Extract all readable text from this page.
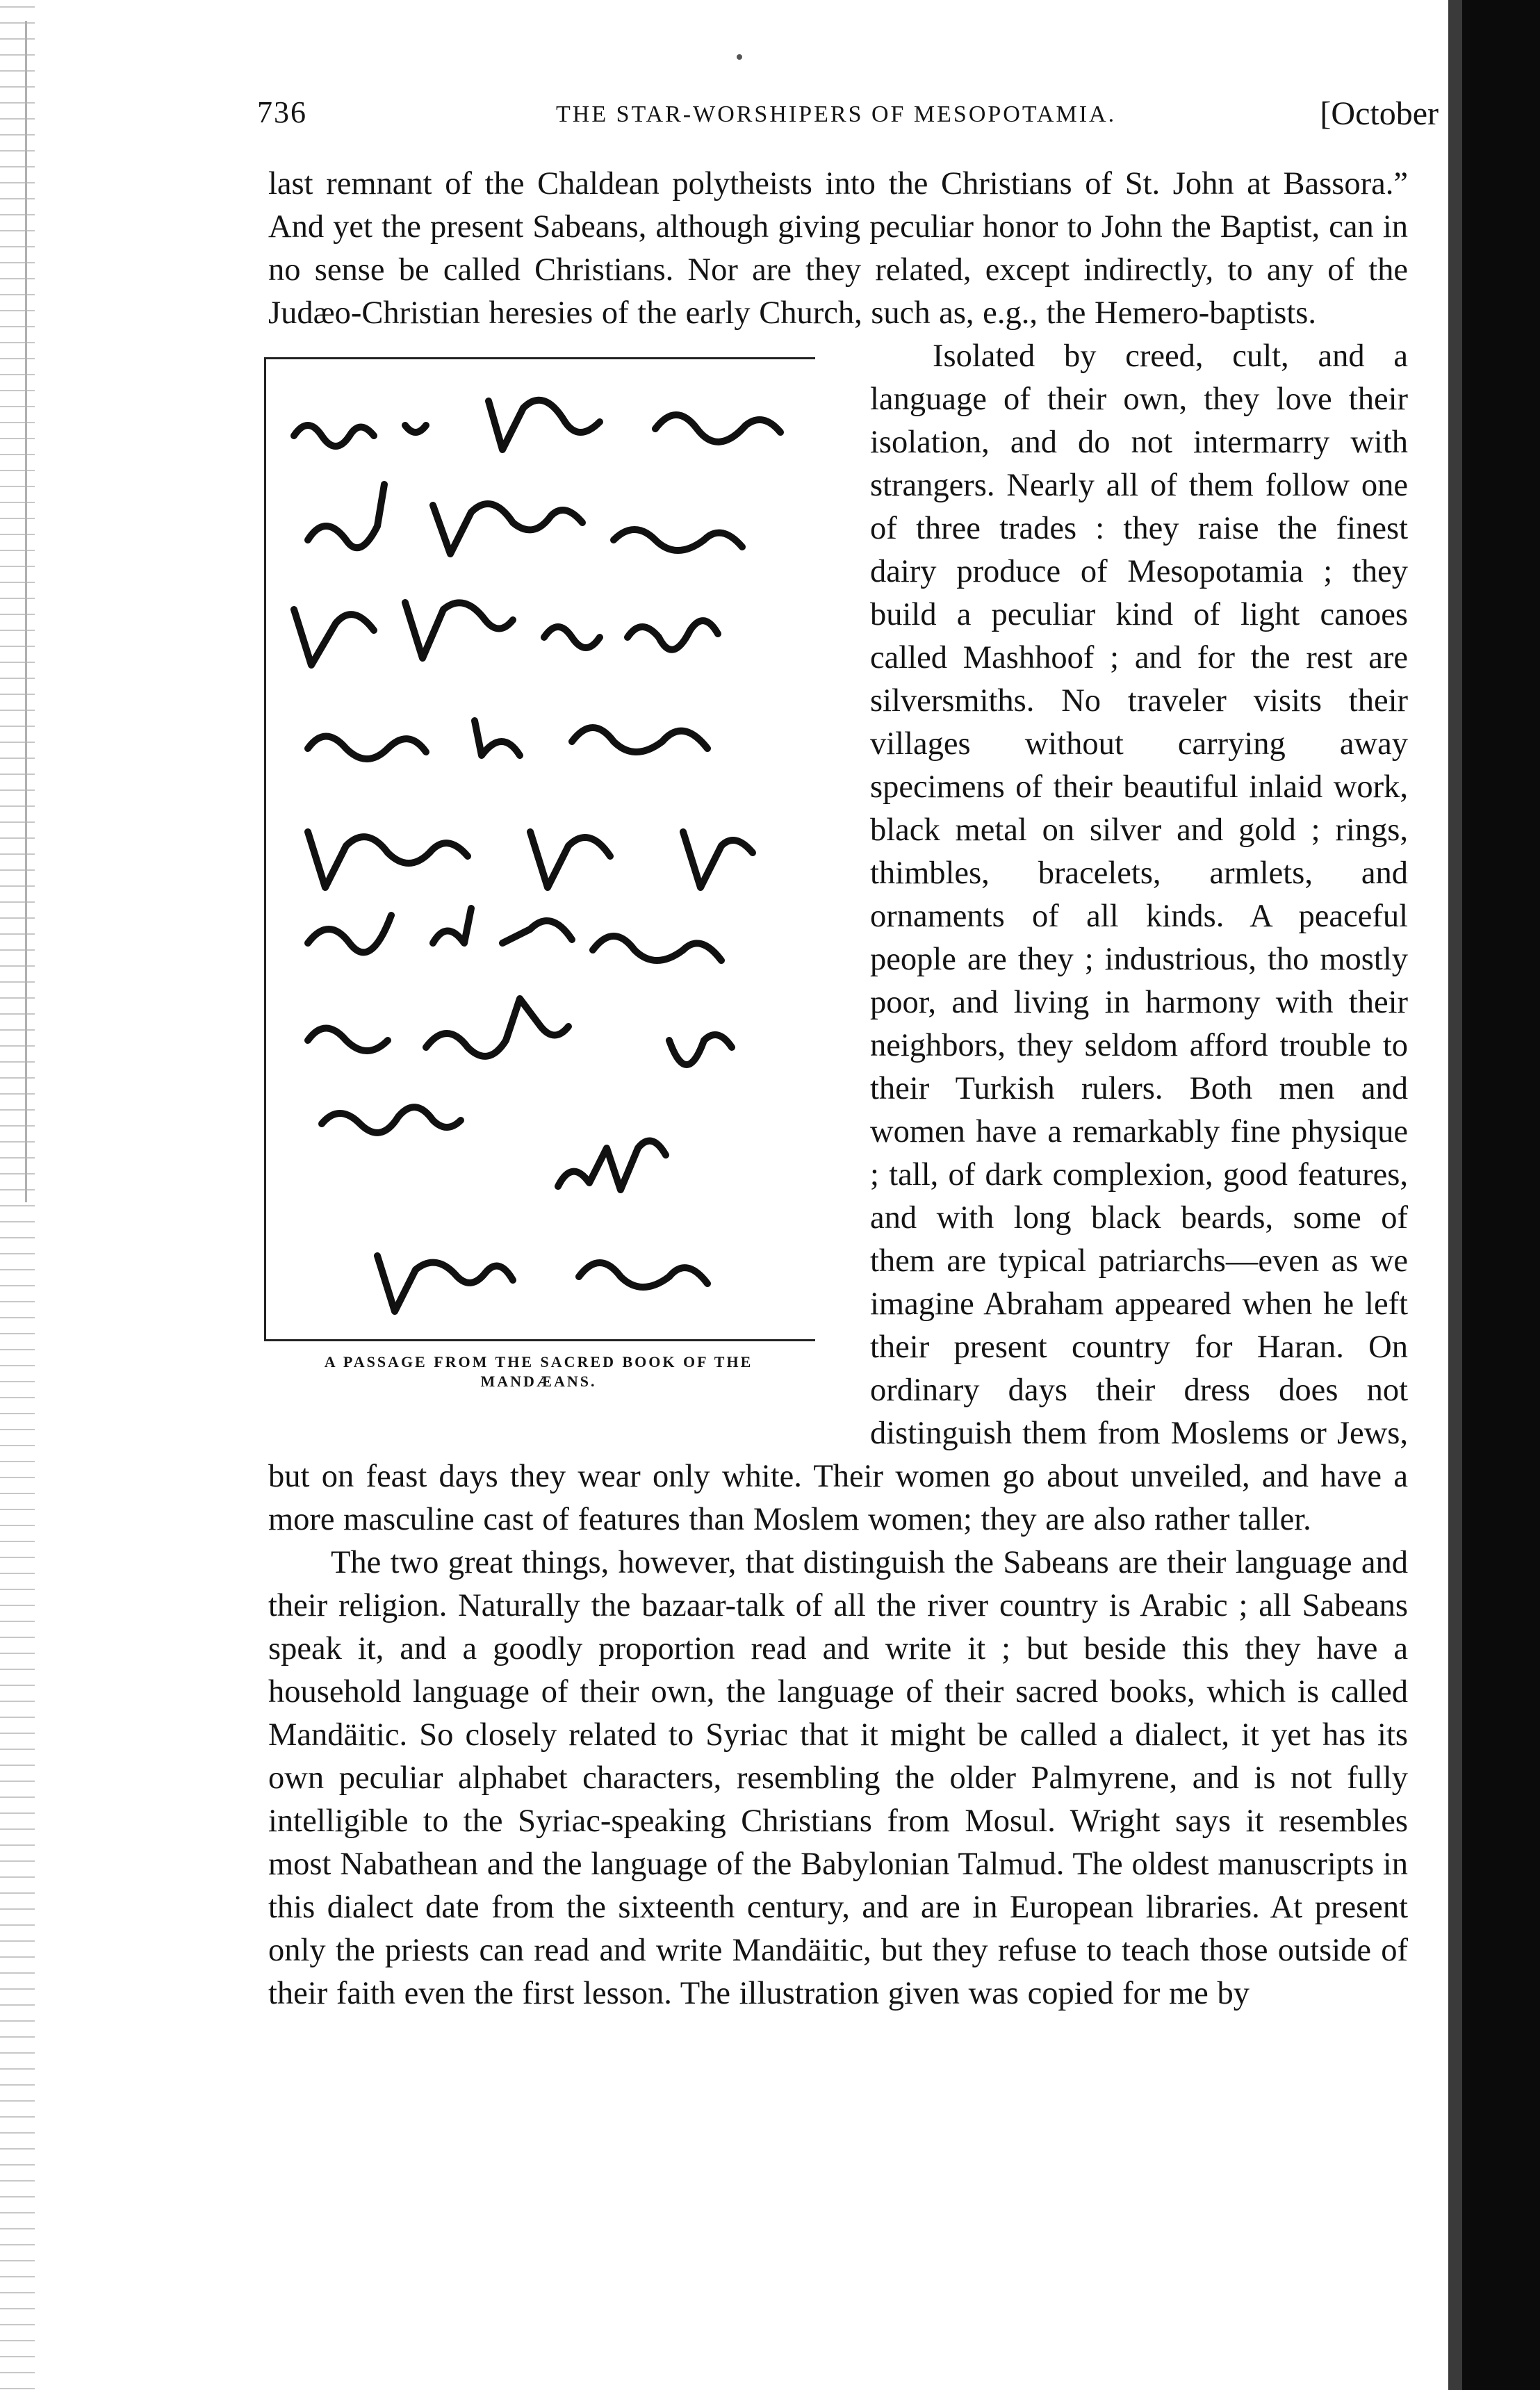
736	THE STAR-WORSHIPERS OF MESOPOTAMIA.	[October

last remnant of the Chaldean polytheists into the Christians of St. John at Bassora.” And yet the present Sabeans, although giving peculiar honor to John the Baptist, can in no sense be called Christians. Nor are they related, except indirectly, to any of the Judæo-Christian heresies of the early Church, such as, e.g., the Hemero-baptists.

A PASSAGE FROM THE SACRED BOOK OF THE MANDÆANS.

Isolated by creed, cult, and a language of their own, they love their isolation, and do not intermarry with strangers. Nearly all of them follow one of three trades : they raise the finest dairy produce of Mesopotamia ; they build a peculiar kind of light canoes called Mashhoof ; and for the rest are silversmiths. No traveler visits their villages without carrying away specimens of their beautiful inlaid work, black metal on silver and gold ; rings, thimbles, bracelets, armlets, and ornaments of all kinds. A peaceful people are they ; industrious, tho mostly poor, and living in harmony with their neighbors, they seldom afford trouble to their Turkish rulers. Both men and women have a remarkably fine physique ; tall, of dark complexion, good features, and with long black beards, some of them are typical patriarchs—even as we imagine Abraham appeared when he left their present country for Haran. On ordinary days their dress does not distinguish them from Moslems or Jews, but on feast days they wear only white. Their women go about unveiled, and have a more masculine cast of features than Moslem women; they are also rather taller.

The two great things, however, that distinguish the Sabeans are their language and their religion. Naturally the bazaar-talk of all the river country is Arabic ; all Sabeans speak it, and a goodly proportion read and write it ; but beside this they have a household language of their own, the language of their sacred books, which is called Mandäitic. So closely related to Syriac that it might be called a dialect, it yet has its own peculiar alphabet characters, resembling the older Palmyrene, and is not fully intelligible to the Syriac-speaking Christians from Mosul. Wright says it resembles most Nabathean and the language of the Babylonian Talmud. The oldest manuscripts in this dialect date from the sixteenth century, and are in European libraries. At present only the priests can read and write Mandäitic, but they refuse to teach those outside of their faith even the first lesson. The illustration given was copied for me by
